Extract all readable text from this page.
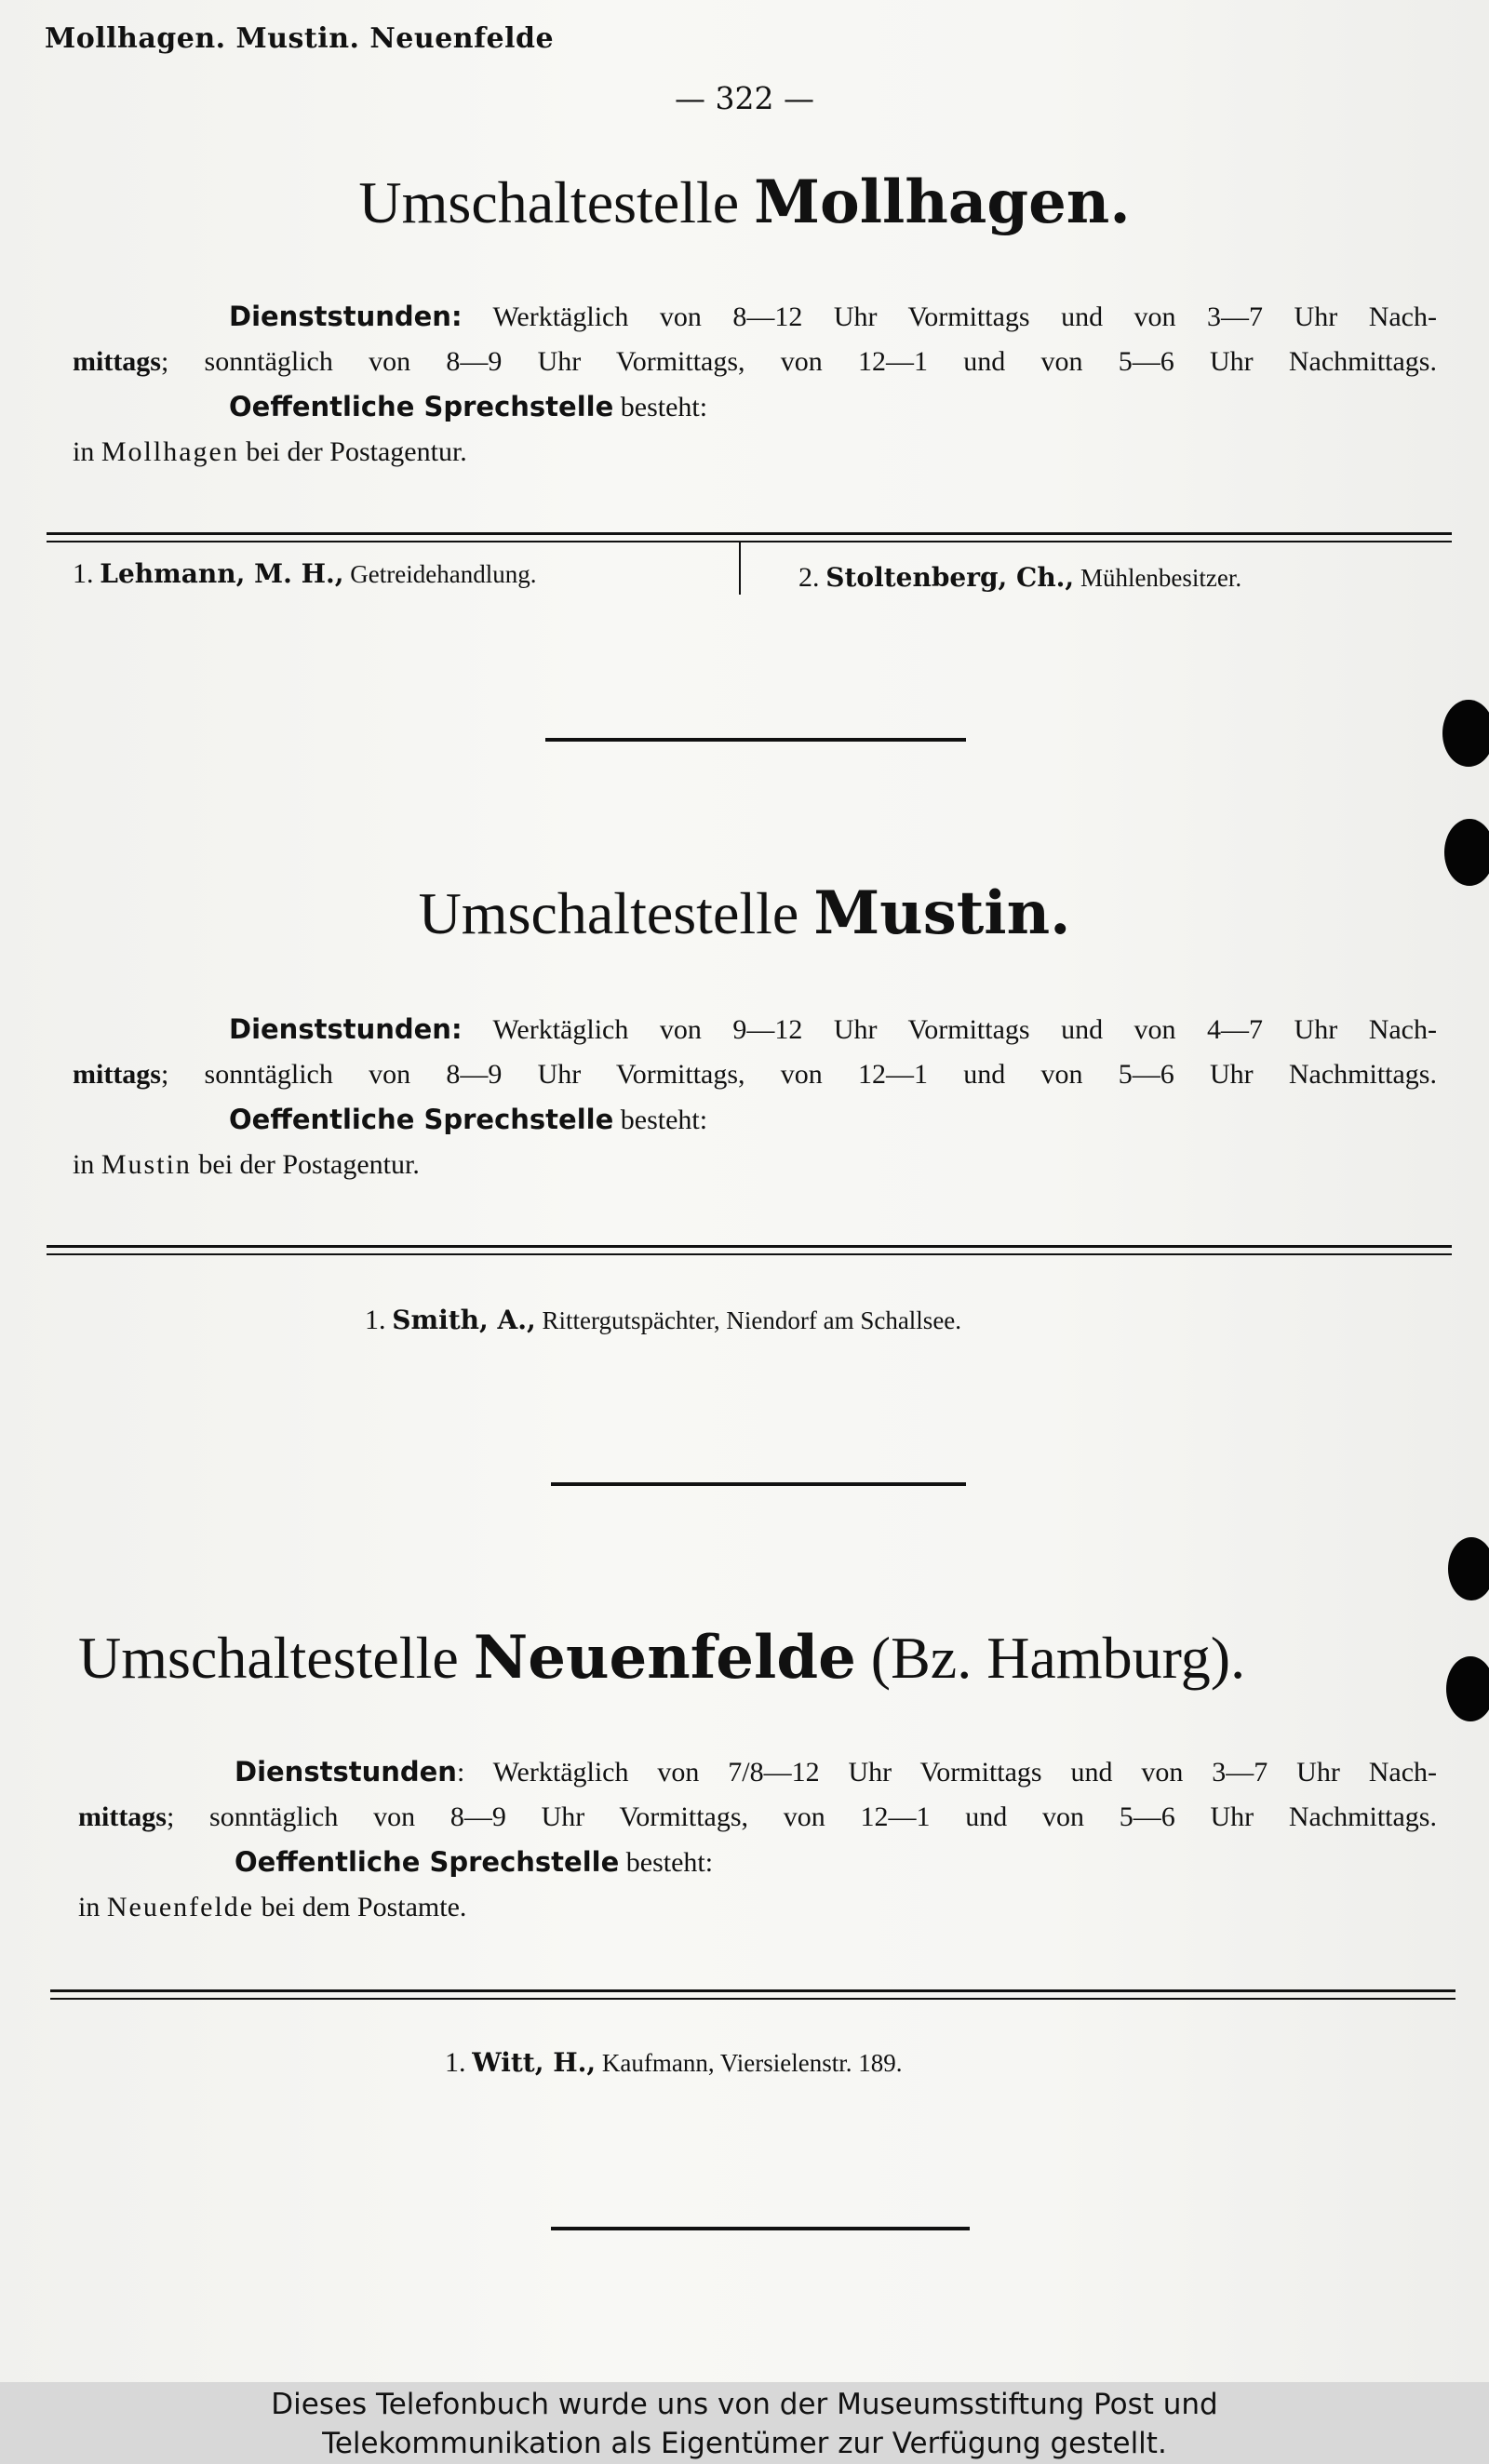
Mollhagen. Mustin. Neuenfelde
— 322 —
Umschaltestelle Mollhagen.
Dienststunden: Werktäglich von 8—12 Uhr Vormittags und von 3—7 Uhr Nach-
mittags; sonntäglich von 8—9 Uhr Vormittags, von 12—1 und von 5—6 Uhr Nachmittags.
Oeffentliche Sprechstelle besteht:
in Mollhagen bei der Postagentur.
1. Lehmann, M. H., Getreidehandlung.	2. Stoltenberg, Ch., Mühlenbesitzer.
Umschaltestelle Mustin.
Dienststunden: Werktäglich von 9—12 Uhr Vormittags und von 4—7 Uhr Nach-
mittags; sonntäglich von 8—9 Uhr Vormittags, von 12—1 und von 5—6 Uhr Nachmittags.
Oeffentliche Sprechstelle besteht:
in Mustin bei der Postagentur.
1. Smith, A., Rittergutspächter, Niendorf am Schallsee.
Umschaltestelle Neuenfelde (Bz. Hamburg).
Dienststunden: Werktäglich von 7/8—12 Uhr Vormittags und von 3—7 Uhr Nach-
mittags; sonntäglich von 8—9 Uhr Vormittags, von 12—1 und von 5—6 Uhr Nachmittags.
Oeffentliche Sprechstelle besteht:
in Neuenfelde bei dem Postamte.
1. Witt, H., Kaufmann, Viersielenstr. 189.
Dieses Telefonbuch wurde uns von der Museumsstiftung Post und
Telekommunikation als Eigentümer zur Verfügung gestellt.
